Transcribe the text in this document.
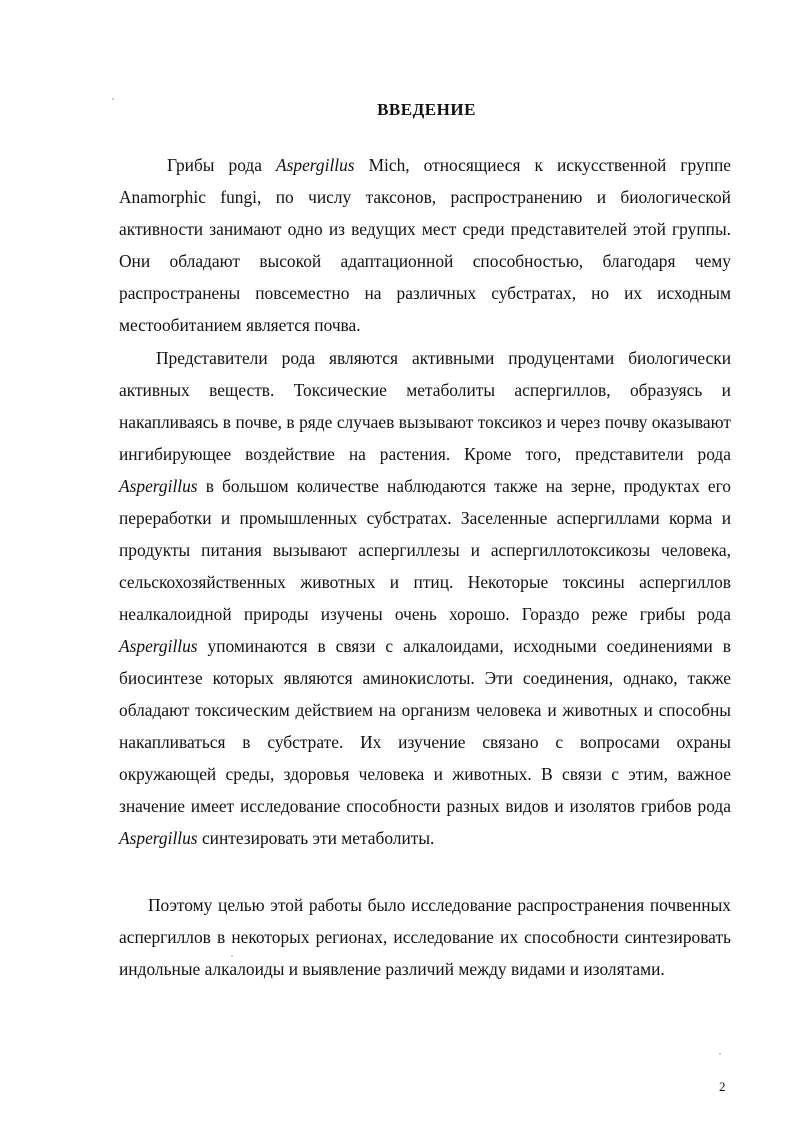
ВВЕДЕНИЕ

Грибы рода Aspergillus Mich, относящиеся к искусственной группе Anamorphic fungi, по числу таксонов, распространению и биологической активности занимают одно из ведущих мест среди представителей этой группы. Они обладают высокой адаптационной способностью, благодаря чему распространены повсеместно на различных субстратах, но их исходным местообитанием является почва.

Представители рода являются активными продуцентами биологически активных веществ. Токсические метаболиты аспергиллов, образуясь и накапливаясь в почве, в ряде случаев вызывают токсикоз и через почву оказывают ингибирующее воздействие на растения. Кроме того, представители рода Aspergillus в большом количестве наблюдаются также на зерне, продуктах его переработки и промышленных субстратах. Заселенные аспергиллами корма и продукты питания вызывают аспергиллезы и аспергиллотоксикозы человека, сельскохозяйственных животных и птиц. Некоторые токсины аспергиллов неалкалоидной природы изучены очень хорошо. Гораздо реже грибы рода Aspergillus упоминаются в связи с алкалоидами, исходными соединениями в биосинтезе которых являются аминокислоты. Эти соединения, однако, также обладают токсическим действием на организм человека и животных и способны накапливаться в субстрате. Их изучение связано с вопросами охраны окружающей среды, здоровья человека и животных. В связи с этим, важное значение имеет исследование способности разных видов и изолятов грибов рода Aspergillus синтезировать эти метаболиты.

Поэтому целью этой работы было исследование распространения почвенных аспергиллов в некоторых регионах, исследование их способности синтезировать индольные алкалоиды и выявление различий между видами и изолятами.

2
